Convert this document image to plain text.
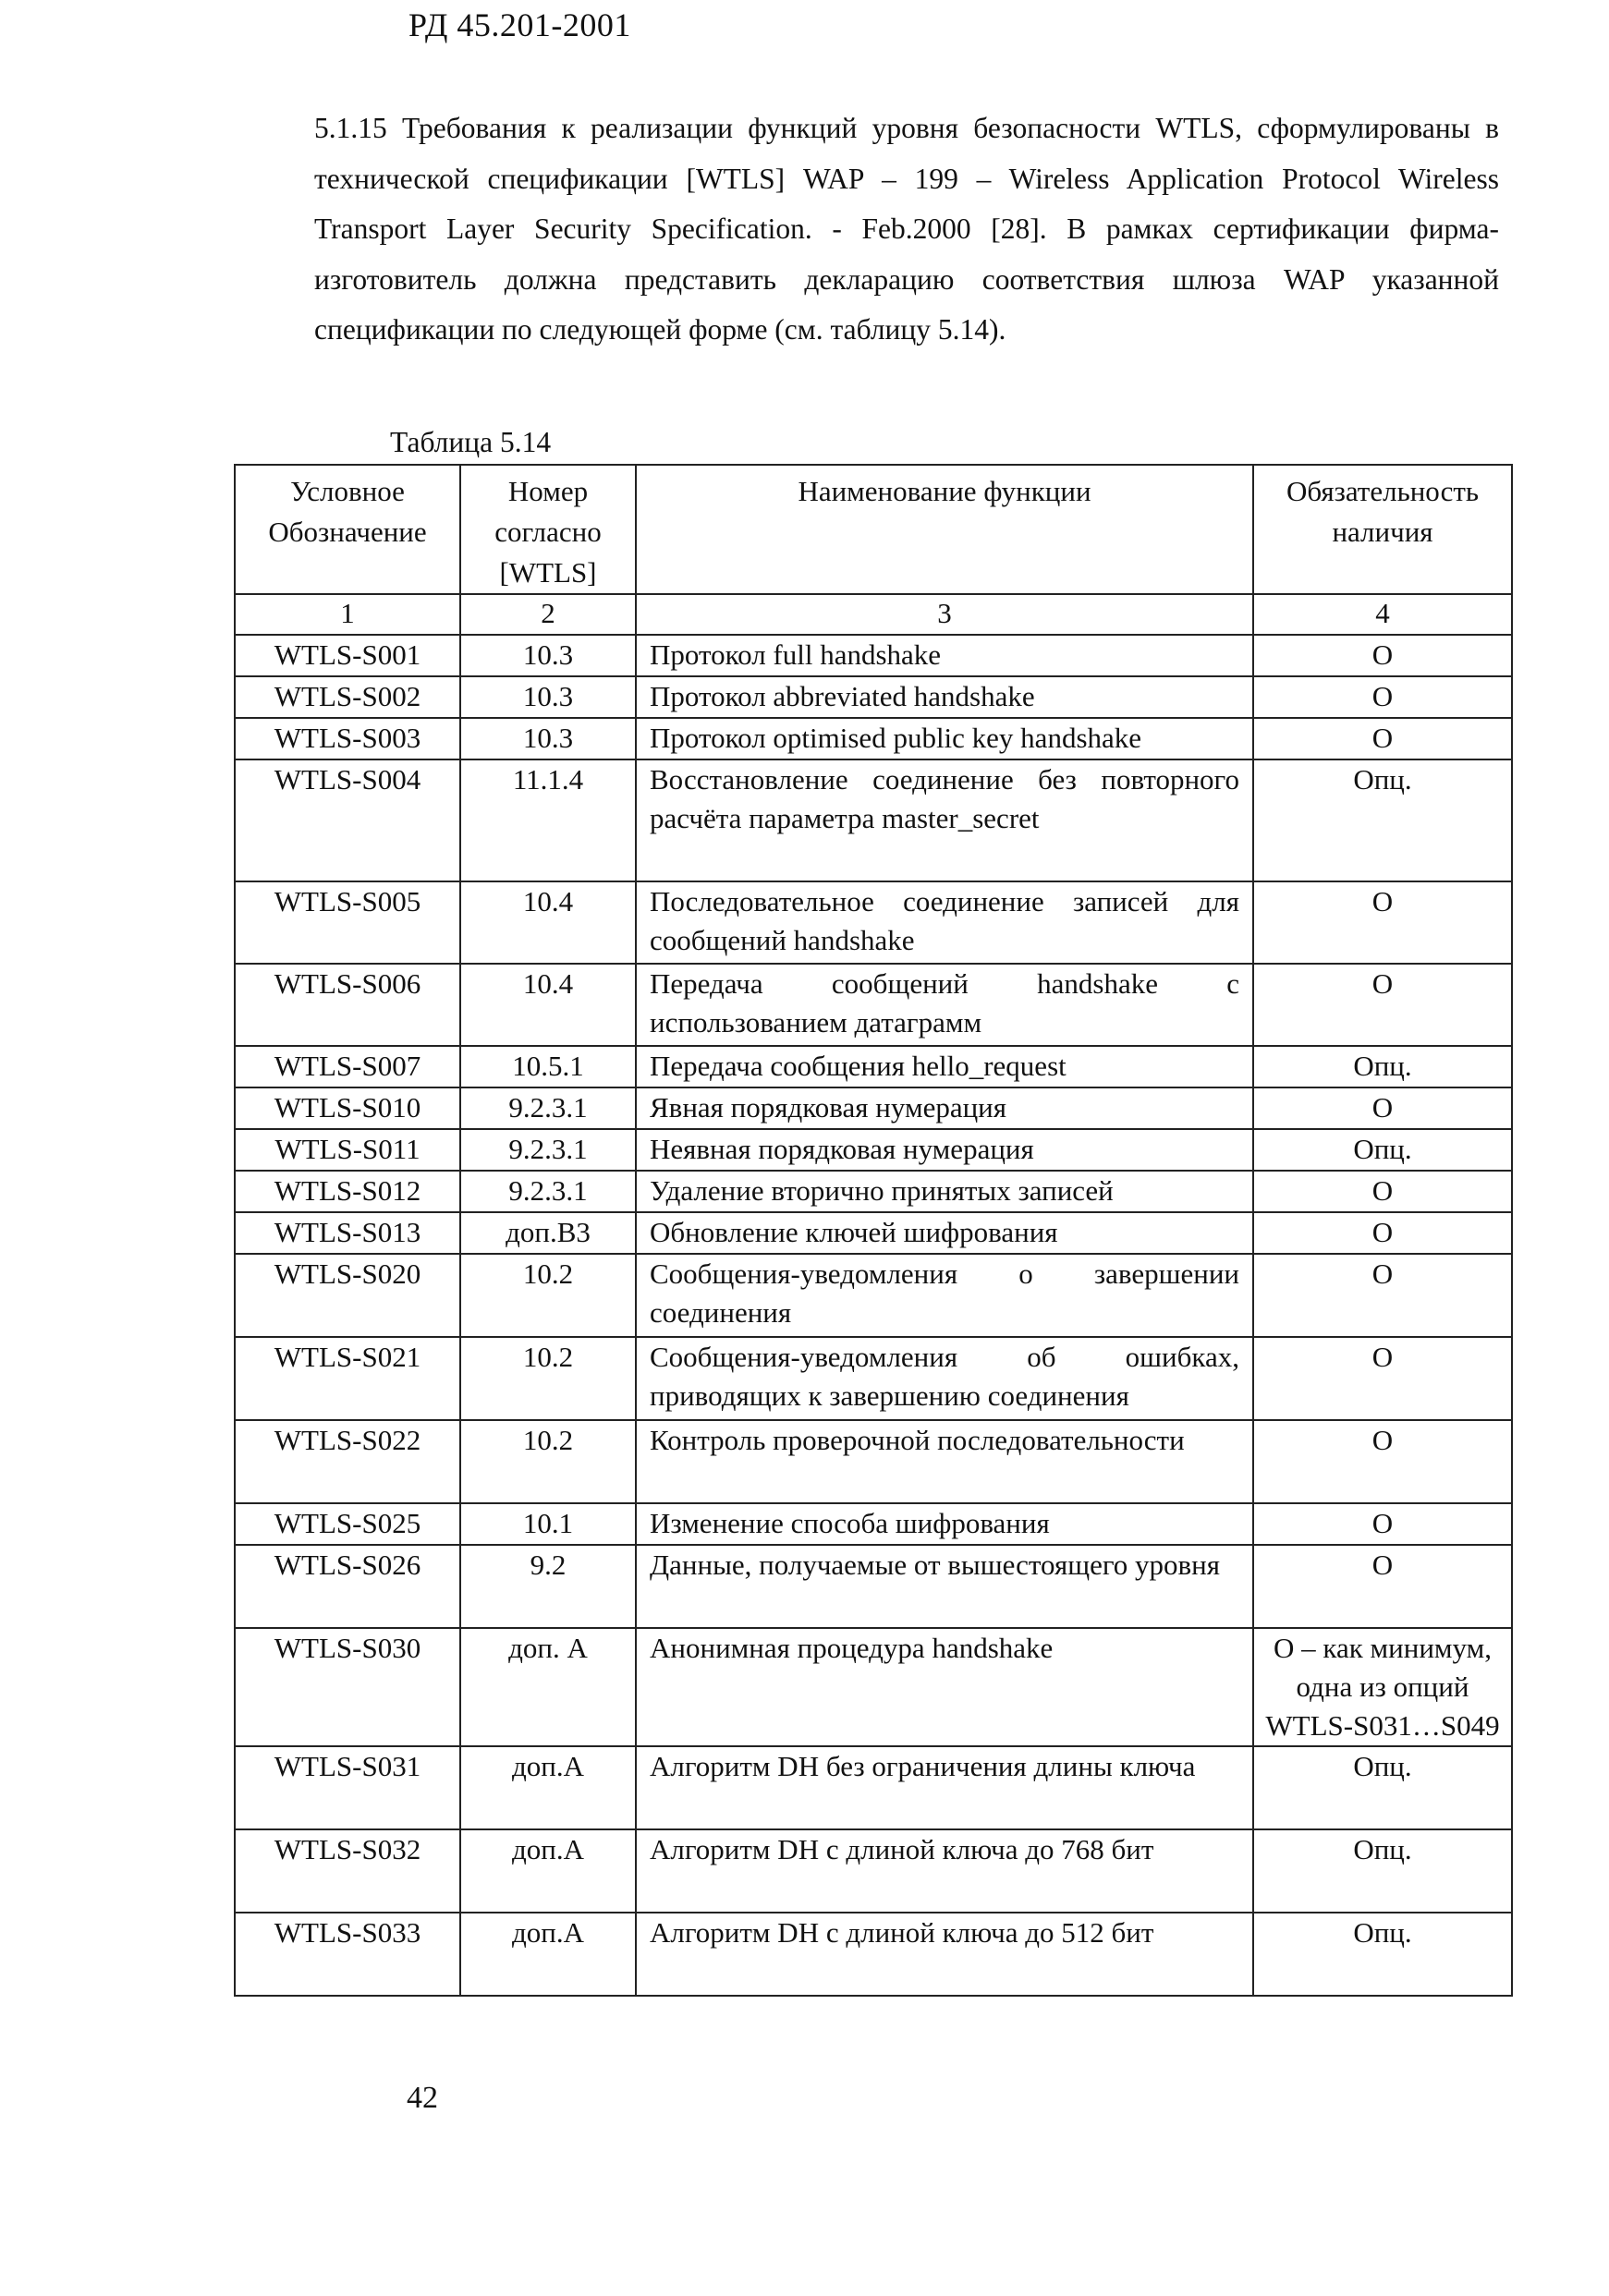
РД 45.201-2001

5.1.15 Требования к реализации функций уровня безопасности WTLS, сформулированы в технической спецификации [WTLS] WAP – 199 – Wireless Application Protocol Wireless Transport Layer Security Specification. - Feb.2000 [28]. В рамках сертификации фирма-изготовитель должна представить декларацию соответствия шлюза WAP указанной спецификации по следующей форме (см. таблицу 5.14).

Таблица 5.14
Условное Обозначение	Номер согласно [WTLS]	Наименование функции	Обязательность наличия
1	2	3	4
WTLS-S001	10.3	Протокол full handshake	О
WTLS-S002	10.3	Протокол abbreviated handshake	О
WTLS-S003	10.3	Протокол optimised public key handshake	О
WTLS-S004	11.1.4	Восстановление соединение без повторного расчёта параметра master_secret	Опц.
WTLS-S005	10.4	Последовательное соединение записей для сообщений handshake	О
WTLS-S006	10.4	Передача сообщений handshake с использованием датаграмм	О
WTLS-S007	10.5.1	Передача сообщения hello_request	Опц.
WTLS-S010	9.2.3.1	Явная порядковая нумерация	О
WTLS-S011	9.2.3.1	Неявная порядковая нумерация	Опц.
WTLS-S012	9.2.3.1	Удаление вторично принятых записей	О
WTLS-S013	доп.В3	Обновление ключей шифрования	О
WTLS-S020	10.2	Сообщения-уведомления о завершении соединения	О
WTLS-S021	10.2	Сообщения-уведомления об ошибках, приводящих к завершению соединения	О
WTLS-S022	10.2	Контроль проверочной последовательности	О
WTLS-S025	10.1	Изменение способа шифрования	О
WTLS-S026	9.2	Данные, получаемые от вышестоящего уровня	О
WTLS-S030	доп. А	Анонимная процедура handshake	О – как минимум, одна из опций WTLS-S031…S049
WTLS-S031	доп.А	Алгоритм DH без ограничения длины ключа	Опц.
WTLS-S032	доп.А	Алгоритм DH с длиной ключа до 768 бит	Опц.
WTLS-S033	доп.А	Алгоритм DH с длиной ключа до 512 бит	Опц.
42
